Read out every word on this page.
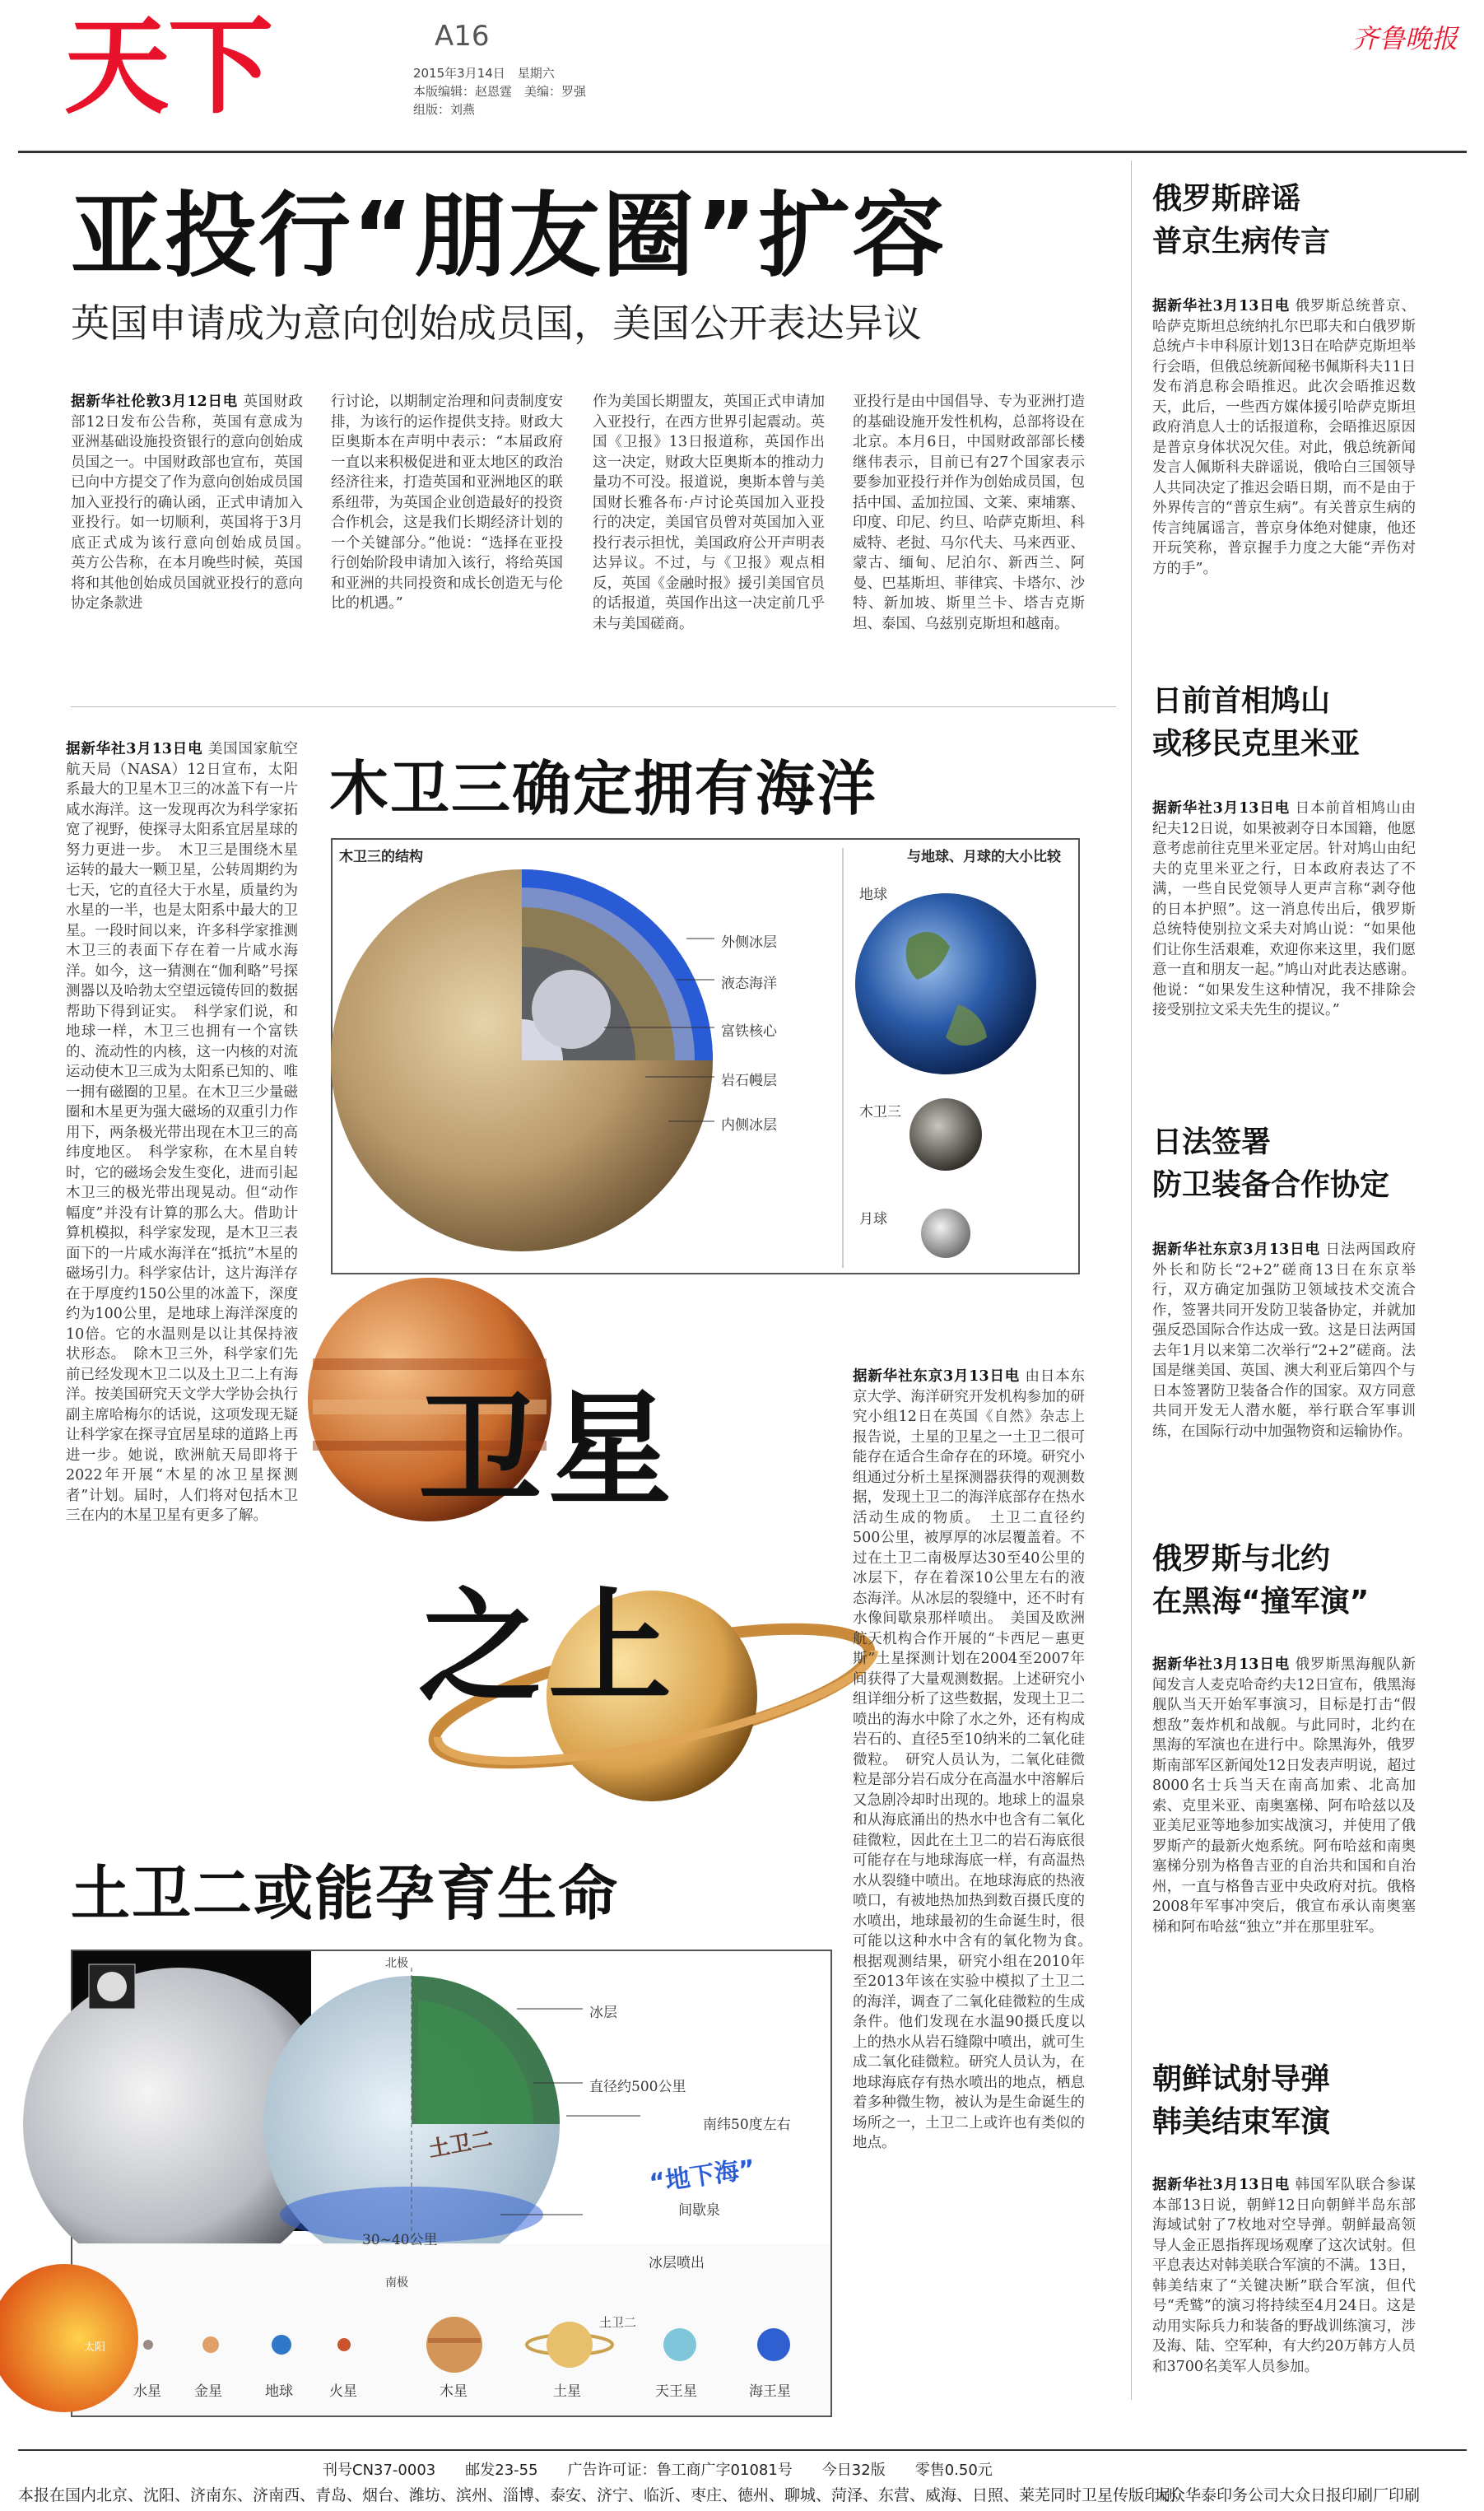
天下	A16
2015年3月14日　星期六
本版编辑：赵恩霆　美编：罗强
组版：刘燕
齐鲁晚报
亚投行“朋友圈”扩容
英国申请成为意向创始成员国，美国公开表达异议
据新华社伦敦3月12日电 英国财政部12日发布公告称，英国有意成为亚洲基础设施投资银行的意向创始成员国之一。中国财政部也宣布，英国已向中方提交了作为意向创始成员国加入亚投行的确认函，正式申请加入亚投行。如一切顺利，英国将于3月底正式成为该行意向创始成员国。　英方公告称，在本月晚些时候，英国将和其他创始成员国就亚投行的意向协定条款进
行讨论，以期制定治理和问责制度安排，为该行的运作提供支持。财政大臣奥斯本在声明中表示：“本届政府一直以来积极促进和亚太地区的政治经济往来，打造英国和亚洲地区的联系纽带，为英国企业创造最好的投资合作机会，这是我们长期经济计划的一个关键部分。”他说：“选择在亚投行创始阶段申请加入该行，将给英国和亚洲的共同投资和成长创造无与伦比的机遇。”
作为美国长期盟友，英国正式申请加入亚投行，在西方世界引起震动。英国《卫报》13日报道称，英国作出这一决定，财政大臣奥斯本的推动力量功不可没。报道说，奥斯本曾与美国财长雅各布·卢讨论英国加入亚投行的决定，美国官员曾对英国加入亚投行表示担忧，美国政府公开声明表达异议。不过，与《卫报》观点相反，英国《金融时报》援引美国官员的话报道，英国作出这一决定前几乎未与美国磋商。
亚投行是由中国倡导、专为亚洲打造的基础设施开发性机构，总部将设在北京。本月6日，中国财政部部长楼继伟表示，目前已有27个国家表示要参加亚投行并作为创始成员国，包括中国、孟加拉国、文莱、柬埔寨、印度、印尼、约旦、哈萨克斯坦、科威特、老挝、马尔代夫、马来西亚、蒙古、缅甸、尼泊尔、新西兰、阿曼、巴基斯坦、菲律宾、卡塔尔、沙特、新加坡、斯里兰卡、塔吉克斯坦、泰国、乌兹别克斯坦和越南。
木卫三确定拥有海洋
据新华社3月13日电 美国国家航空航天局（NASA）12日宣布，太阳系最大的卫星木卫三的冰盖下有一片咸水海洋。这一发现再次为科学家拓宽了视野，使探寻太阳系宜居星球的努力更进一步。　木卫三是围绕木星运转的最大一颗卫星，公转周期约为七天，它的直径大于水星，质量约为水星的一半，也是太阳系中最大的卫星。一段时间以来，许多科学家推测木卫三的表面下存在着一片咸水海洋。如今，这一猜测在“伽利略”号探测器以及哈勃太空望远镜传回的数据帮助下得到证实。　科学家们说，和地球一样，木卫三也拥有一个富铁的、流动性的内核，这一内核的对流运动使木卫三成为太阳系已知的、唯一拥有磁圈的卫星。在木卫三少量磁圈和木星更为强大磁场的双重引力作用下，两条极光带出现在木卫三的高纬度地区。　科学家称，在木星自转时，它的磁场会发生变化，进而引起木卫三的极光带出现晃动。但“动作幅度”并没有计算的那么大。借助计算机模拟，科学家发现，是木卫三表面下的一片咸水海洋在“抵抗”木星的磁场引力。科学家估计，这片海洋存在于厚度约150公里的冰盖下，深度约为100公里，是地球上海洋深度的10倍。它的水温则是以让其保持液状形态。　除木卫三外，科学家们先前已经发现木卫二以及土卫二上有海洋。按美国研究天文学大学协会执行副主席哈梅尔的话说，这项发现无疑让科学家在探寻宜居星球的道路上再进一步。她说，欧洲航天局即将于2022年开展“木星的冰卫星探测者”计划。届时，人们将对包括木卫三在内的木星卫星有更多了解。
木卫三的结构	与地球、月球的大小比较
外侧冰层
液态海洋
富铁核心
岩石幔层
内侧冰层
地球
木卫三
月球
卫星
之上
土卫二或能孕育生命
据新华社东京3月13日电 由日本东京大学、海洋研究开发机构参加的研究小组12日在英国《自然》杂志上报告说，土星的卫星之一土卫二很可能存在适合生命存在的环境。研究小组通过分析土星探测器获得的观测数据，发现土卫二的海洋底部存在热水活动生成的物质。　土卫二直径约500公里，被厚厚的冰层覆盖着。不过在土卫二南极厚达30至40公里的冰层下，存在着深10公里左右的液态海洋。从冰层的裂缝中，还不时有水像间歇泉那样喷出。　美国及欧洲航天机构合作开展的“卡西尼－惠更斯”土星探测计划在2004至2007年间获得了大量观测数据。上述研究小组详细分析了这些数据，发现土卫二喷出的海水中除了水之外，还有构成岩石的、直径5至10纳米的二氧化硅微粒。　研究人员认为，二氧化硅微粒是部分岩石成分在高温水中溶解后又急剧冷却时出现的。地球上的温泉和从海底涌出的热水中也含有二氧化硅微粒，因此在土卫二的岩石海底很可能存在与地球海底一样，有高温热水从裂缝中喷出。在地球海底的热液喷口，有被地热加热到数百摄氏度的水喷出，地球最初的生命诞生时，很可能以这种水中含有的氧化物为食。　根据观测结果，研究小组在2010年至2013年该在实验中模拟了土卫二的海洋，调查了二氧化硅微粒的生成条件。他们发现在水温90摄氏度以上的热水从岩石缝隙中喷出，就可生成二氧化硅微粒。研究人员认为，在地球海底存有热水喷出的地点，栖息着多种微生物，被认为是生命诞生的场所之一，土卫二上或许也有类似的地点。
北极
南极
土卫二
冰层
直径约500公里
南纬50度左右
“地下海”
间歇泉
冰层喷出
30~40公里
土卫二
太阳
水星 金星	地球	火星	木星	土星	天王星	海王星
俄罗斯辟谣
普京生病传言
据新华社3月13日电 俄罗斯总统普京、哈萨克斯坦总统纳扎尔巴耶夫和白俄罗斯总统卢卡申科原计划13日在哈萨克斯坦举行会晤，但俄总统新闻秘书佩斯科夫11日发布消息称会晤推迟。此次会晤推迟数天，此后，一些西方媒体援引哈萨克斯坦政府消息人士的话报道称，会晤推迟原因是普京身体状况欠佳。对此，俄总统新闻发言人佩斯科夫辟谣说，俄哈白三国领导人共同决定了推迟会晤日期，而不是由于外界传言的“普京生病”。有关普京生病的传言纯属谣言，普京身体绝对健康，他还开玩笑称，普京握手力度之大能“弄伤对方的手”。
日前首相鸠山
或移民克里米亚
据新华社3月13日电 日本前首相鸠山由纪夫12日说，如果被剥夺日本国籍，他愿意考虑前往克里米亚定居。针对鸠山由纪夫的克里米亚之行，日本政府表达了不满，一些自民党领导人更声言称“剥夺他的日本护照”。这一消息传出后，俄罗斯总统特使别拉文采夫对鸠山说：“如果他们让你生活艰难，欢迎你来这里，我们愿意一直和朋友一起。”鸠山对此表达感谢。他说：“如果发生这种情况，我不排除会接受别拉文采夫先生的提议。”
日法签署
防卫装备合作协定
据新华社东京3月13日电 日法两国政府外长和防长“2+2”磋商13日在东京举行，双方确定加强防卫领域技术交流合作，签署共同开发防卫装备协定，并就加强反恐国际合作达成一致。这是日法两国去年1月以来第二次举行“2+2”磋商。法国是继美国、英国、澳大利亚后第四个与日本签署防卫装备合作的国家。双方同意共同开发无人潜水艇，举行联合军事训练，在国际行动中加强物资和运输协作。
俄罗斯与北约
在黑海“撞军演”
据新华社3月13日电 俄罗斯黑海舰队新闻发言人麦克哈奇约夫12日宣布，俄黑海舰队当天开始军事演习，目标是打击“假想敌”轰炸机和战舰。与此同时，北约在黑海的军演也在进行中。除黑海外，俄罗斯南部军区新闻处12日发表声明说，超过8000名士兵当天在南高加索、北高加索、克里米亚、南奥塞梯、阿布哈兹以及亚美尼亚等地参加实战演习，并使用了俄罗斯产的最新火炮系统。阿布哈兹和南奥塞梯分别为格鲁吉亚的自治共和国和自治州，一直与格鲁吉亚中央政府对抗。俄格2008年军事冲突后，俄宣布承认南奥塞梯和阿布哈兹“独立”并在那里驻军。
朝鲜试射导弹
韩美结束军演
据新华社3月13日电 韩国军队联合参谋本部13日说，朝鲜12日向朝鲜半岛东部海域试射了7枚地对空导弹。朝鲜最高领导人金正恩指挥现场观摩了这次试射。但平息表达对韩美联合军演的不满。13日，韩美结束了“关键决断”联合军演，但代号“秃鹫”的演习将持续至4月24日。这是动用实际兵力和装备的野战训练演习，涉及海、陆、空军种，有大约20万韩方人员和3700名美军人员参加。
刊号CN37-0003　　邮发23-55　　广告许可证：鲁工商广字01081号　　今日32版　　零售0.50元
本报在国内北京、沈阳、济南东、济南西、青岛、烟台、潍坊、滨州、淄博、泰安、济宁、临沂、枣庄、德州、聊城、菏泽、东营、威海、日照、莱芜同时卫星传版印刷
大众华泰印务公司大众日报印刷厂印刷
